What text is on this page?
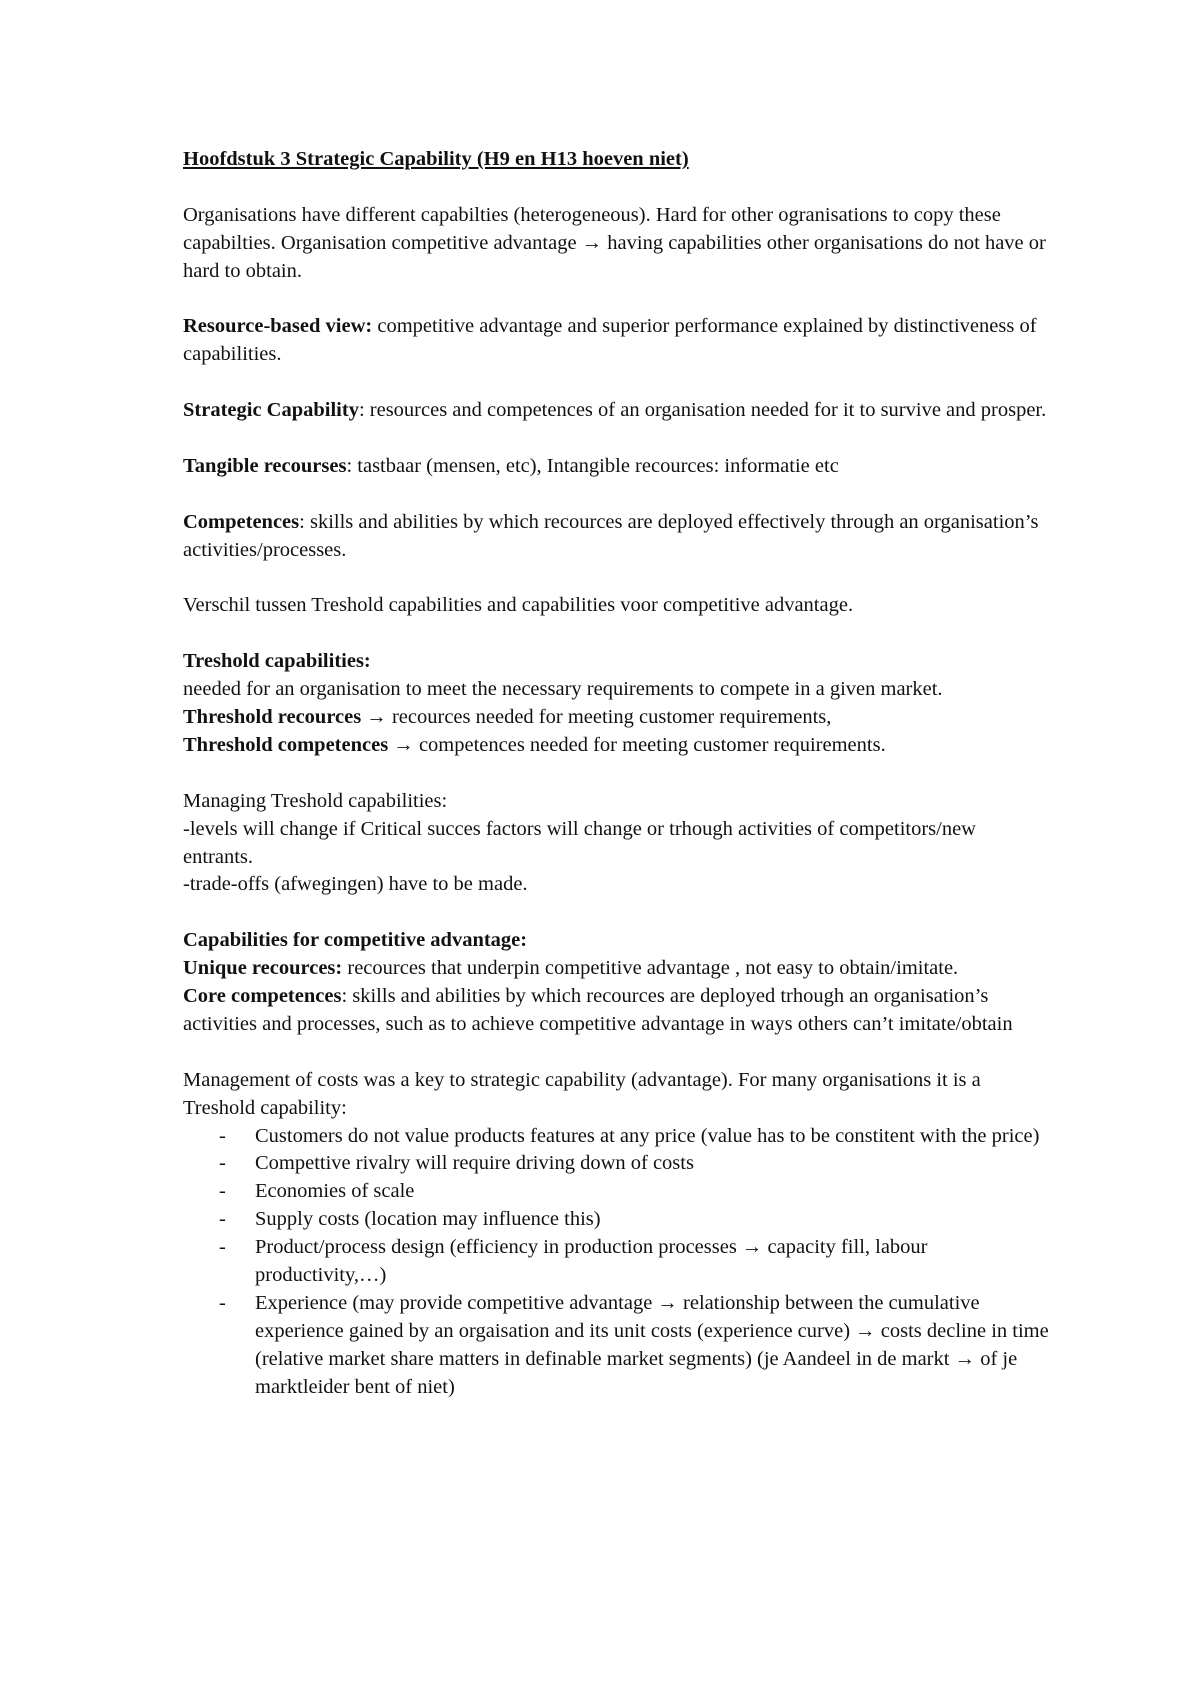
Hoofdstuk 3 Strategic Capability (H9 en H13 hoeven niet)

Organisations have different capabilties (heterogeneous). Hard for other ogranisations to copy these capabilties. Organisation competitive advantage → having capabilities other organisations do not have or hard to obtain.

Resource-based view: competitive advantage and superior performance explained by distinctiveness of capabilities.

Strategic Capability: resources and competences of an organisation needed for it to survive and prosper.

Tangible recourses: tastbaar (mensen, etc), Intangible recources: informatie etc

Competences: skills and abilities by which recources are deployed effectively through an organisation’s activities/processes.

Verschil tussen Treshold capabilities and capabilities voor competitive advantage.

Treshold capabilities:
needed for an organisation to meet the necessary requirements to compete in a given market.
Threshold recources → recources needed for meeting customer requirements,
Threshold competences → competences needed for meeting customer requirements.
Managing Treshold capabilities:
-levels will change if Critical succes factors will change or trhough activities of competitors/new entrants.
-trade-offs (afwegingen) have to be made.
Capabilities for competitive advantage:
Unique recources: recources that underpin competitive advantage , not easy to obtain/imitate.
Core competences: skills and abilities by which recources are deployed trhough an organisation’s activities and processes, such as to achieve competitive advantage in ways others can’t imitate/obtain
Management of costs was a key to strategic capability (advantage). For many organisations it is a Treshold capability:
- Customers do not value products features at any price (value has to be constitent with the price)
- Compettive rivalry will require driving down of costs
- Economies of scale
- Supply costs (location may influence this)
- Product/process design (efficiency in production processes → capacity fill, labour productivity,…)
- Experience (may provide competitive advantage → relationship between the cumulative experience gained by an orgaisation and its unit costs (experience curve) → costs decline in time (relative market share matters in definable market segments) (je Aandeel in de markt → of je marktleider bent of niet)
